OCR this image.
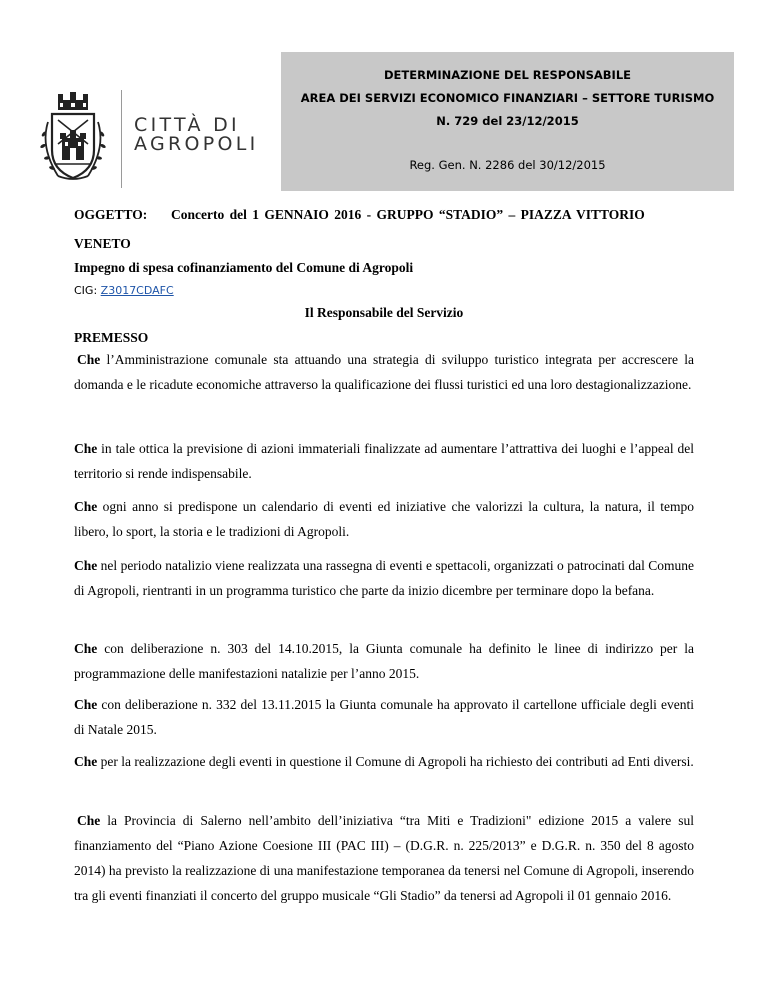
CITTÀ DI
AGROPOLI
DETERMINAZIONE DEL RESPONSABILE
AREA DEI SERVIZI ECONOMICO FINANZIARI – SETTORE TURISMO
N. 729 del 23/12/2015
Reg. Gen. N. 2286 del 30/12/2015
OGGETTO: Concerto del 1 GENNAIO 2016 - GRUPPO “STADIO” – PIAZZA VITTORIO
VENETO
Impegno di spesa cofinanziamento del Comune di Agropoli
CIG: Z3017CDAFC
Il Responsabile del Servizio
PREMESSO
Che l’Amministrazione comunale sta attuando una strategia di sviluppo turistico integrata per accrescere la domanda e le ricadute economiche attraverso la qualificazione dei flussi turistici ed una loro destagionalizzazione.
Che in tale ottica la previsione di azioni immateriali finalizzate ad aumentare l’attrattiva dei luoghi e l’appeal del territorio si rende indispensabile.
Che ogni anno si predispone un calendario di eventi ed iniziative che valorizzi la cultura, la natura, il tempo libero, lo sport, la storia e le tradizioni di Agropoli.
Che nel periodo natalizio viene realizzata una rassegna di eventi e spettacoli, organizzati o patrocinati dal Comune di Agropoli, rientranti in un programma turistico che parte da inizio dicembre per terminare dopo la befana.
Che con deliberazione n. 303 del 14.10.2015, la Giunta comunale ha definito le linee di indirizzo per la programmazione delle manifestazioni natalizie per l’anno 2015.
Che con deliberazione n. 332 del 13.11.2015 la Giunta comunale ha approvato il cartellone ufficiale degli eventi di Natale 2015.
Che per la realizzazione degli eventi in questione il Comune di Agropoli ha richiesto dei contributi ad Enti diversi.
Che la Provincia di Salerno nell’ambito dell’iniziativa “tra Miti e Tradizioni" edizione 2015 a valere sul finanziamento del “Piano Azione Coesione III (PAC III) – (D.G.R. n. 225/2013” e D.G.R. n. 350 del 8 agosto 2014) ha previsto la realizzazione di una manifestazione temporanea da tenersi nel Comune di Agropoli, inserendo tra gli eventi finanziati il concerto del gruppo musicale “Gli Stadio” da tenersi ad Agropoli il 01 gennaio 2016.
